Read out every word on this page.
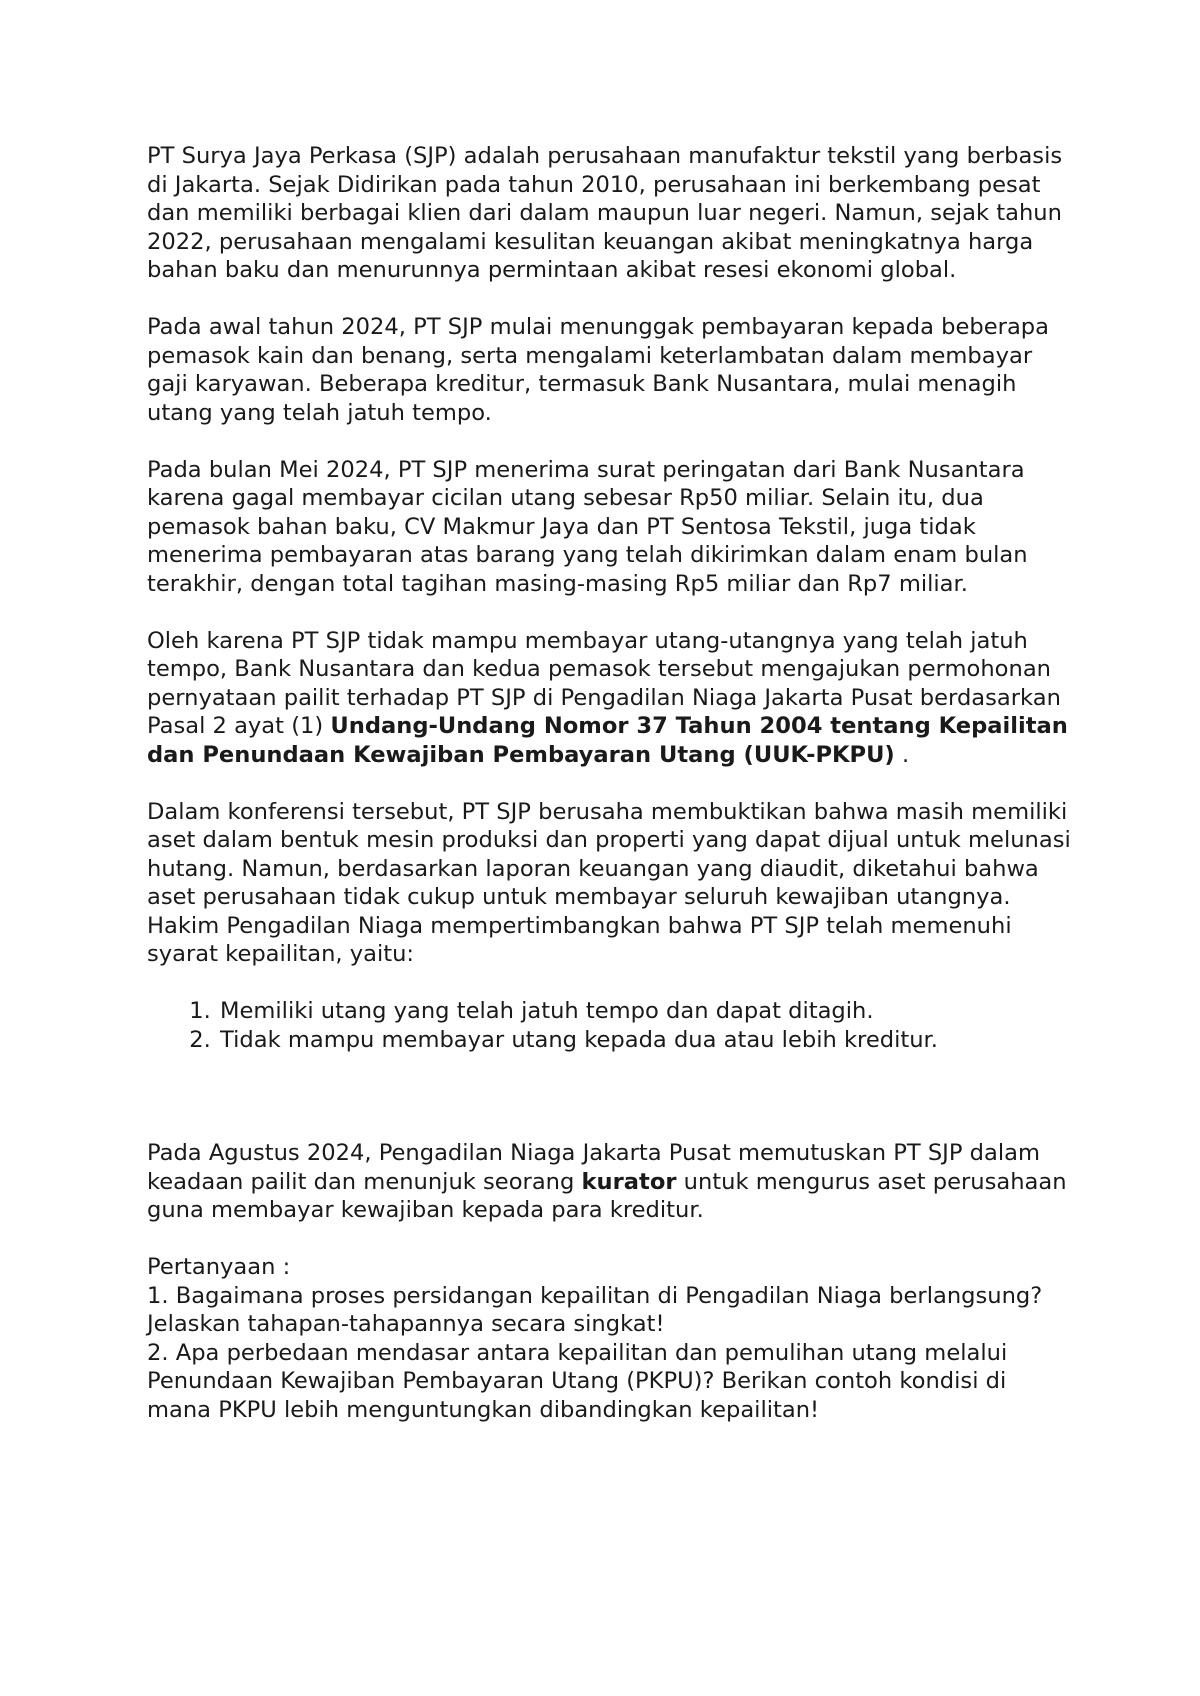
PT Surya Jaya Perkasa (SJP) adalah perusahaan manufaktur tekstil yang berbasis di Jakarta. Sejak Didirikan pada tahun 2010, perusahaan ini berkembang pesat dan memiliki berbagai klien dari dalam maupun luar negeri. Namun, sejak tahun 2022, perusahaan mengalami kesulitan keuangan akibat meningkatnya harga bahan baku dan menurunnya permintaan akibat resesi ekonomi global.

Pada awal tahun 2024, PT SJP mulai menunggak pembayaran kepada beberapa pemasok kain dan benang, serta mengalami keterlambatan dalam membayar gaji karyawan. Beberapa kreditur, termasuk Bank Nusantara, mulai menagih utang yang telah jatuh tempo.

Pada bulan Mei 2024, PT SJP menerima surat peringatan dari Bank Nusantara karena gagal membayar cicilan utang sebesar Rp50 miliar. Selain itu, dua pemasok bahan baku, CV Makmur Jaya dan PT Sentosa Tekstil, juga tidak menerima pembayaran atas barang yang telah dikirimkan dalam enam bulan terakhir, dengan total tagihan masing-masing Rp5 miliar dan Rp7 miliar.

Oleh karena PT SJP tidak mampu membayar utang-utangnya yang telah jatuh tempo, Bank Nusantara dan kedua pemasok tersebut mengajukan permohonan pernyataan pailit terhadap PT SJP di Pengadilan Niaga Jakarta Pusat berdasarkan Pasal 2 ayat (1) Undang-Undang Nomor 37 Tahun 2004 tentang Kepailitan dan Penundaan Kewajiban Pembayaran Utang (UUK-PKPU) .

Dalam konferensi tersebut, PT SJP berusaha membuktikan bahwa masih memiliki aset dalam bentuk mesin produksi dan properti yang dapat dijual untuk melunasi hutang. Namun, berdasarkan laporan keuangan yang diaudit, diketahui bahwa aset perusahaan tidak cukup untuk membayar seluruh kewajiban utangnya. Hakim Pengadilan Niaga mempertimbangkan bahwa PT SJP telah memenuhi syarat kepailitan, yaitu:

1. Memiliki utang yang telah jatuh tempo dan dapat ditagih.
2. Tidak mampu membayar utang kepada dua atau lebih kreditur.

Pada Agustus 2024, Pengadilan Niaga Jakarta Pusat memutuskan PT SJP dalam keadaan pailit dan menunjuk seorang kurator untuk mengurus aset perusahaan guna membayar kewajiban kepada para kreditur.

Pertanyaan :

1. Bagaimana proses persidangan kepailitan di Pengadilan Niaga berlangsung? Jelaskan tahapan-tahapannya secara singkat!

2. Apa perbedaan mendasar antara kepailitan dan pemulihan utang melalui Penundaan Kewajiban Pembayaran Utang (PKPU)? Berikan contoh kondisi di mana PKPU lebih menguntungkan dibandingkan kepailitan!
